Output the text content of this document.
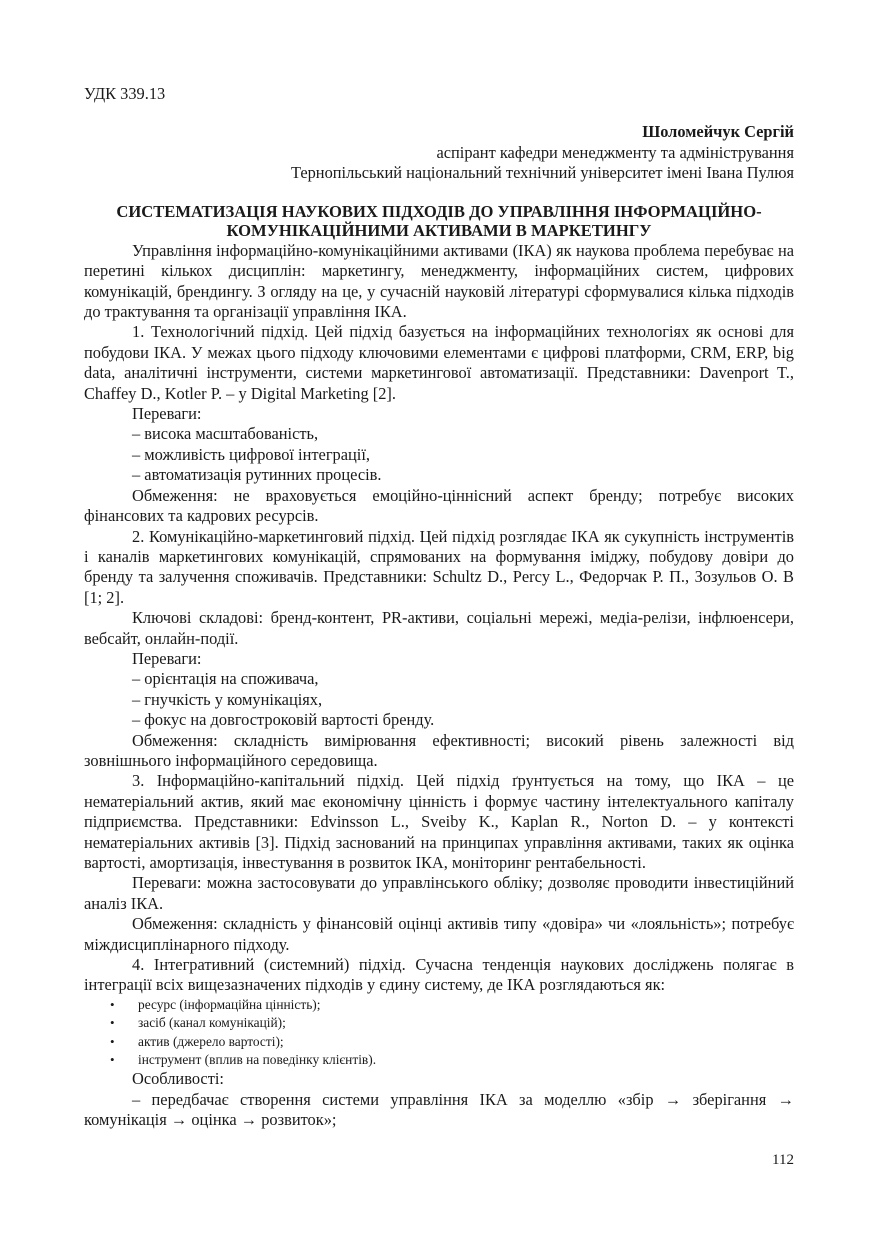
УДК 339.13

Шоломейчук Сергій
аспірант кафедри менеджменту та адміністрування
Тернопільський національний технічний університет імені Івана Пулюя
СИСТЕМАТИЗАЦІЯ НАУКОВИХ ПІДХОДІВ ДО УПРАВЛІННЯ ІНФОРМАЦІЙНО-
КОМУНІКАЦІЙНИМИ АКТИВАМИ В МАРКЕТИНГУ

Управління інформаційно-комунікаційними активами (ІКА) як наукова проблема перебуває на перетині кількох дисциплін: маркетингу, менеджменту, інформаційних систем, цифрових комунікацій, брендингу. З огляду на це, у сучасній науковій літературі сформувалися кілька підходів до трактування та організації управління ІКА.

1. Технологічний підхід. Цей підхід базується на інформаційних технологіях як основі для побудови ІКА. У межах цього підходу ключовими елементами є цифрові платформи, CRM, ERP, big data, аналітичні інструменти, системи маркетингової автоматизації. Представники: Davenport T., Chaffey D., Kotler P. – у Digital Marketing [2].

Переваги:
– висока масштабованість,
– можливість цифрової інтеграції,
– автоматизація рутинних процесів.

Обмеження: не враховується емоційно-ціннісний аспект бренду; потребує високих фінансових та кадрових ресурсів.

2. Комунікаційно-маркетинговий підхід. Цей підхід розглядає ІКА як сукупність інструментів і каналів маркетингових комунікацій, спрямованих на формування іміджу, побудову довіри до бренду та залучення споживачів. Представники: Schultz D., Percy L., Федорчак Р. П., Зозульов О. В [1; 2].

Ключові складові: бренд-контент, PR-активи, соціальні мережі, медіа-релізи, інфлюенсери, вебсайт, онлайн-події.

Переваги:
– орієнтація на споживача,
– гнучкість у комунікаціях,
– фокус на довгостроковій вартості бренду.

Обмеження: складність вимірювання ефективності; високий рівень залежності від зовнішнього інформаційного середовища.

3. Інформаційно-капітальний підхід. Цей підхід ґрунтується на тому, що ІКА – це нематеріальний актив, який має економічну цінність і формує частину інтелектуального капіталу підприємства. Представники: Edvinsson L., Sveiby K., Kaplan R., Norton D. – у контексті нематеріальних активів [3]. Підхід заснований на принципах управління активами, таких як оцінка вартості, амортизація, інвестування в розвиток ІКА, моніторинг рентабельності.

Переваги: можна застосовувати до управлінського обліку; дозволяє проводити інвестиційний аналіз ІКА.

Обмеження: складність у фінансовій оцінці активів типу «довіра» чи «лояльність»; потребує міждисциплінарного підходу.

4. Інтегративний (системний) підхід. Сучасна тенденція наукових досліджень полягає в інтеграції всіх вищезазначених підходів у єдину систему, де ІКА розглядаються як:

• ресурс (інформаційна цінність);
• засіб (канал комунікацій);
• актив (джерело вартості);
• інструмент (вплив на поведінку клієнтів).
Особливості:

– передбачає створення системи управління ІКА за моделлю «збір → зберігання → комунікація → оцінка → розвиток»;

112
